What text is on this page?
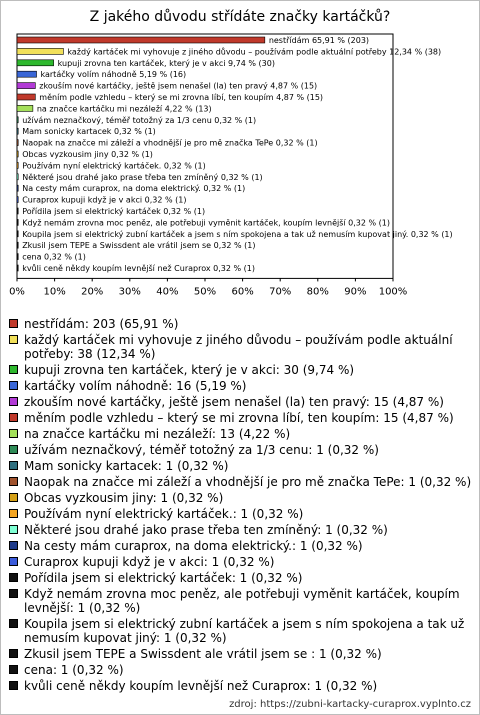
Z jakého důvodu střídáte značky kartáčků?
0% 10% 20% 30% 40% 50% 60% 70% 80% 90% 100%
nestřídám 65,91 % (203)
každý kartáček mi vyhovuje z jiného důvodu – používám podle aktuální potřeby 12,34 % (38)
kupuji zrovna ten kartáček, který je v akci 9,74 % (30)
kartáčky volím náhodně 5,19 % (16)
zkouším nové kartáčky, ještě jsem nenašel (la) ten pravý 4,87 % (15)
měním podle vzhledu – který se mi zrovna líbí, ten koupím 4,87 % (15)
na značce kartáčku mi nezáleží 4,22 % (13)
užívám neznačkový, téměř totožný za 1/3 cenu 0,32 % (1)
Mam sonicky kartacek 0,32 % (1)
Naopak na značce mi záleží a vhodnější je pro mě značka TePe 0,32 % (1)
Obcas vyzkousim jiny 0,32 % (1)
Používám nyní elektrický kartáček. 0,32 % (1)
Některé jsou drahé jako prase třeba ten zmíněný 0,32 % (1)
Na cesty mám curaprox, na doma elektrický. 0,32 % (1)
Curaprox kupuji když je v akci 0,32 % (1)
Pořídila jsem si elektrický kartáček 0,32 % (1)
Když nemám zrovna moc peněz, ale potřebuji vyměnit kartáček, koupím levnější 0,32 % (1)
Koupila jsem si elektrický zubní kartáček a jsem s ním spokojena a tak už nemusím kupovat jiný. 0,32 % (1)
Zkusil jsem TEPE a Swissdent ale vrátil jsem se 0,32 % (1)
cena 0,32 % (1)
kvůli ceně někdy koupím levnější než Curaprox 0,32 % (1)
nestřídám: 203 (65,91 %)
každý kartáček mi vyhovuje z jiného důvodu – používám podle aktuální potřeby: 38 (12,34 %)
kupuji zrovna ten kartáček, který je v akci: 30 (9,74 %)
kartáčky volím náhodně: 16 (5,19 %)
zkouším nové kartáčky, ještě jsem nenašel (la) ten pravý: 15 (4,87 %)
měním podle vzhledu – který se mi zrovna líbí, ten koupím: 15 (4,87 %)
na značce kartáčku mi nezáleží: 13 (4,22 %)
užívám neznačkový, téměř totožný za 1/3 cenu: 1 (0,32 %)
Mam sonicky kartacek: 1 (0,32 %)
Naopak na značce mi záleží a vhodnější je pro mě značka TePe: 1 (0,32 %)
Obcas vyzkousim jiny: 1 (0,32 %)
Používám nyní elektrický kartáček.: 1 (0,32 %)
Některé jsou drahé jako prase třeba ten zmíněný: 1 (0,32 %)
Na cesty mám curaprox, na doma elektrický.: 1 (0,32 %)
Curaprox kupuji když je v akci: 1 (0,32 %)
Pořídila jsem si elektrický kartáček: 1 (0,32 %)
Když nemám zrovna moc peněz, ale potřebuji vyměnit kartáček, koupím levnější: 1 (0,32 %)
Koupila jsem si elektrický zubní kartáček a jsem s ním spokojena a tak už nemusím kupovat jiný: 1 (0,32 %)
Zkusil jsem TEPE a Swissdent ale vrátil jsem se : 1 (0,32 %)
cena: 1 (0,32 %)
kvůli ceně někdy koupím levnější než Curaprox: 1 (0,32 %)
zdroj: https://zubni-kartacky-curaprox.vyplnto.cz
